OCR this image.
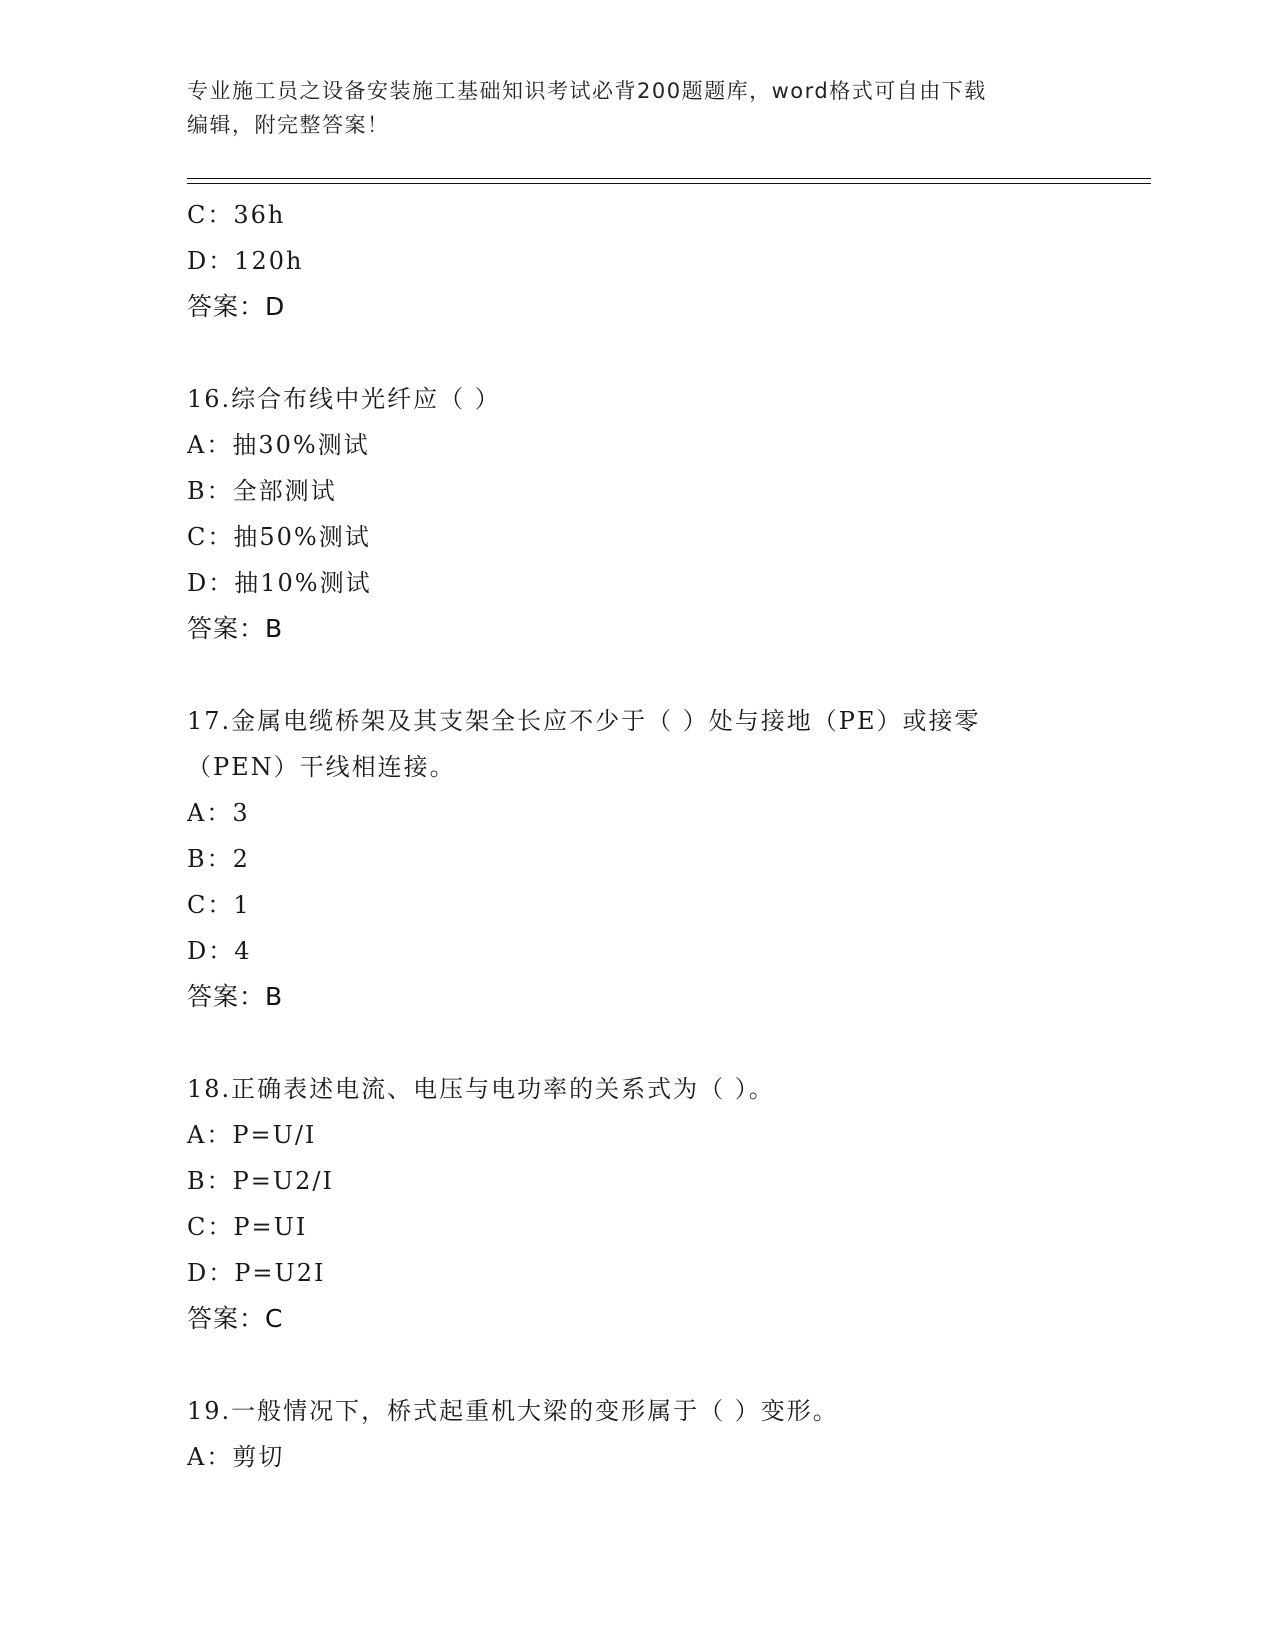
专业施工员之设备安装施工基础知识考试必背200题题库，word格式可自由下载
编辑，附完整答案！
C：36h
D：120h
答案：D
16.综合布线中光纤应（ ）
A：抽30%测试
B：全部测试
C：抽50%测试
D：抽10%测试
答案：B
17.金属电缆桥架及其支架全长应不少于（ ）处与接地（PE）或接零
（PEN）干线相连接。
A：3
B：2
C：1
D：4
答案：B
18.正确表述电流、电压与电功率的关系式为（ ）。
A：P=U/I
B：P=U2/I
C：P=UI
D：P=U2I
答案：C
19.一般情况下，桥式起重机大梁的变形属于（ ）变形。
A：剪切
